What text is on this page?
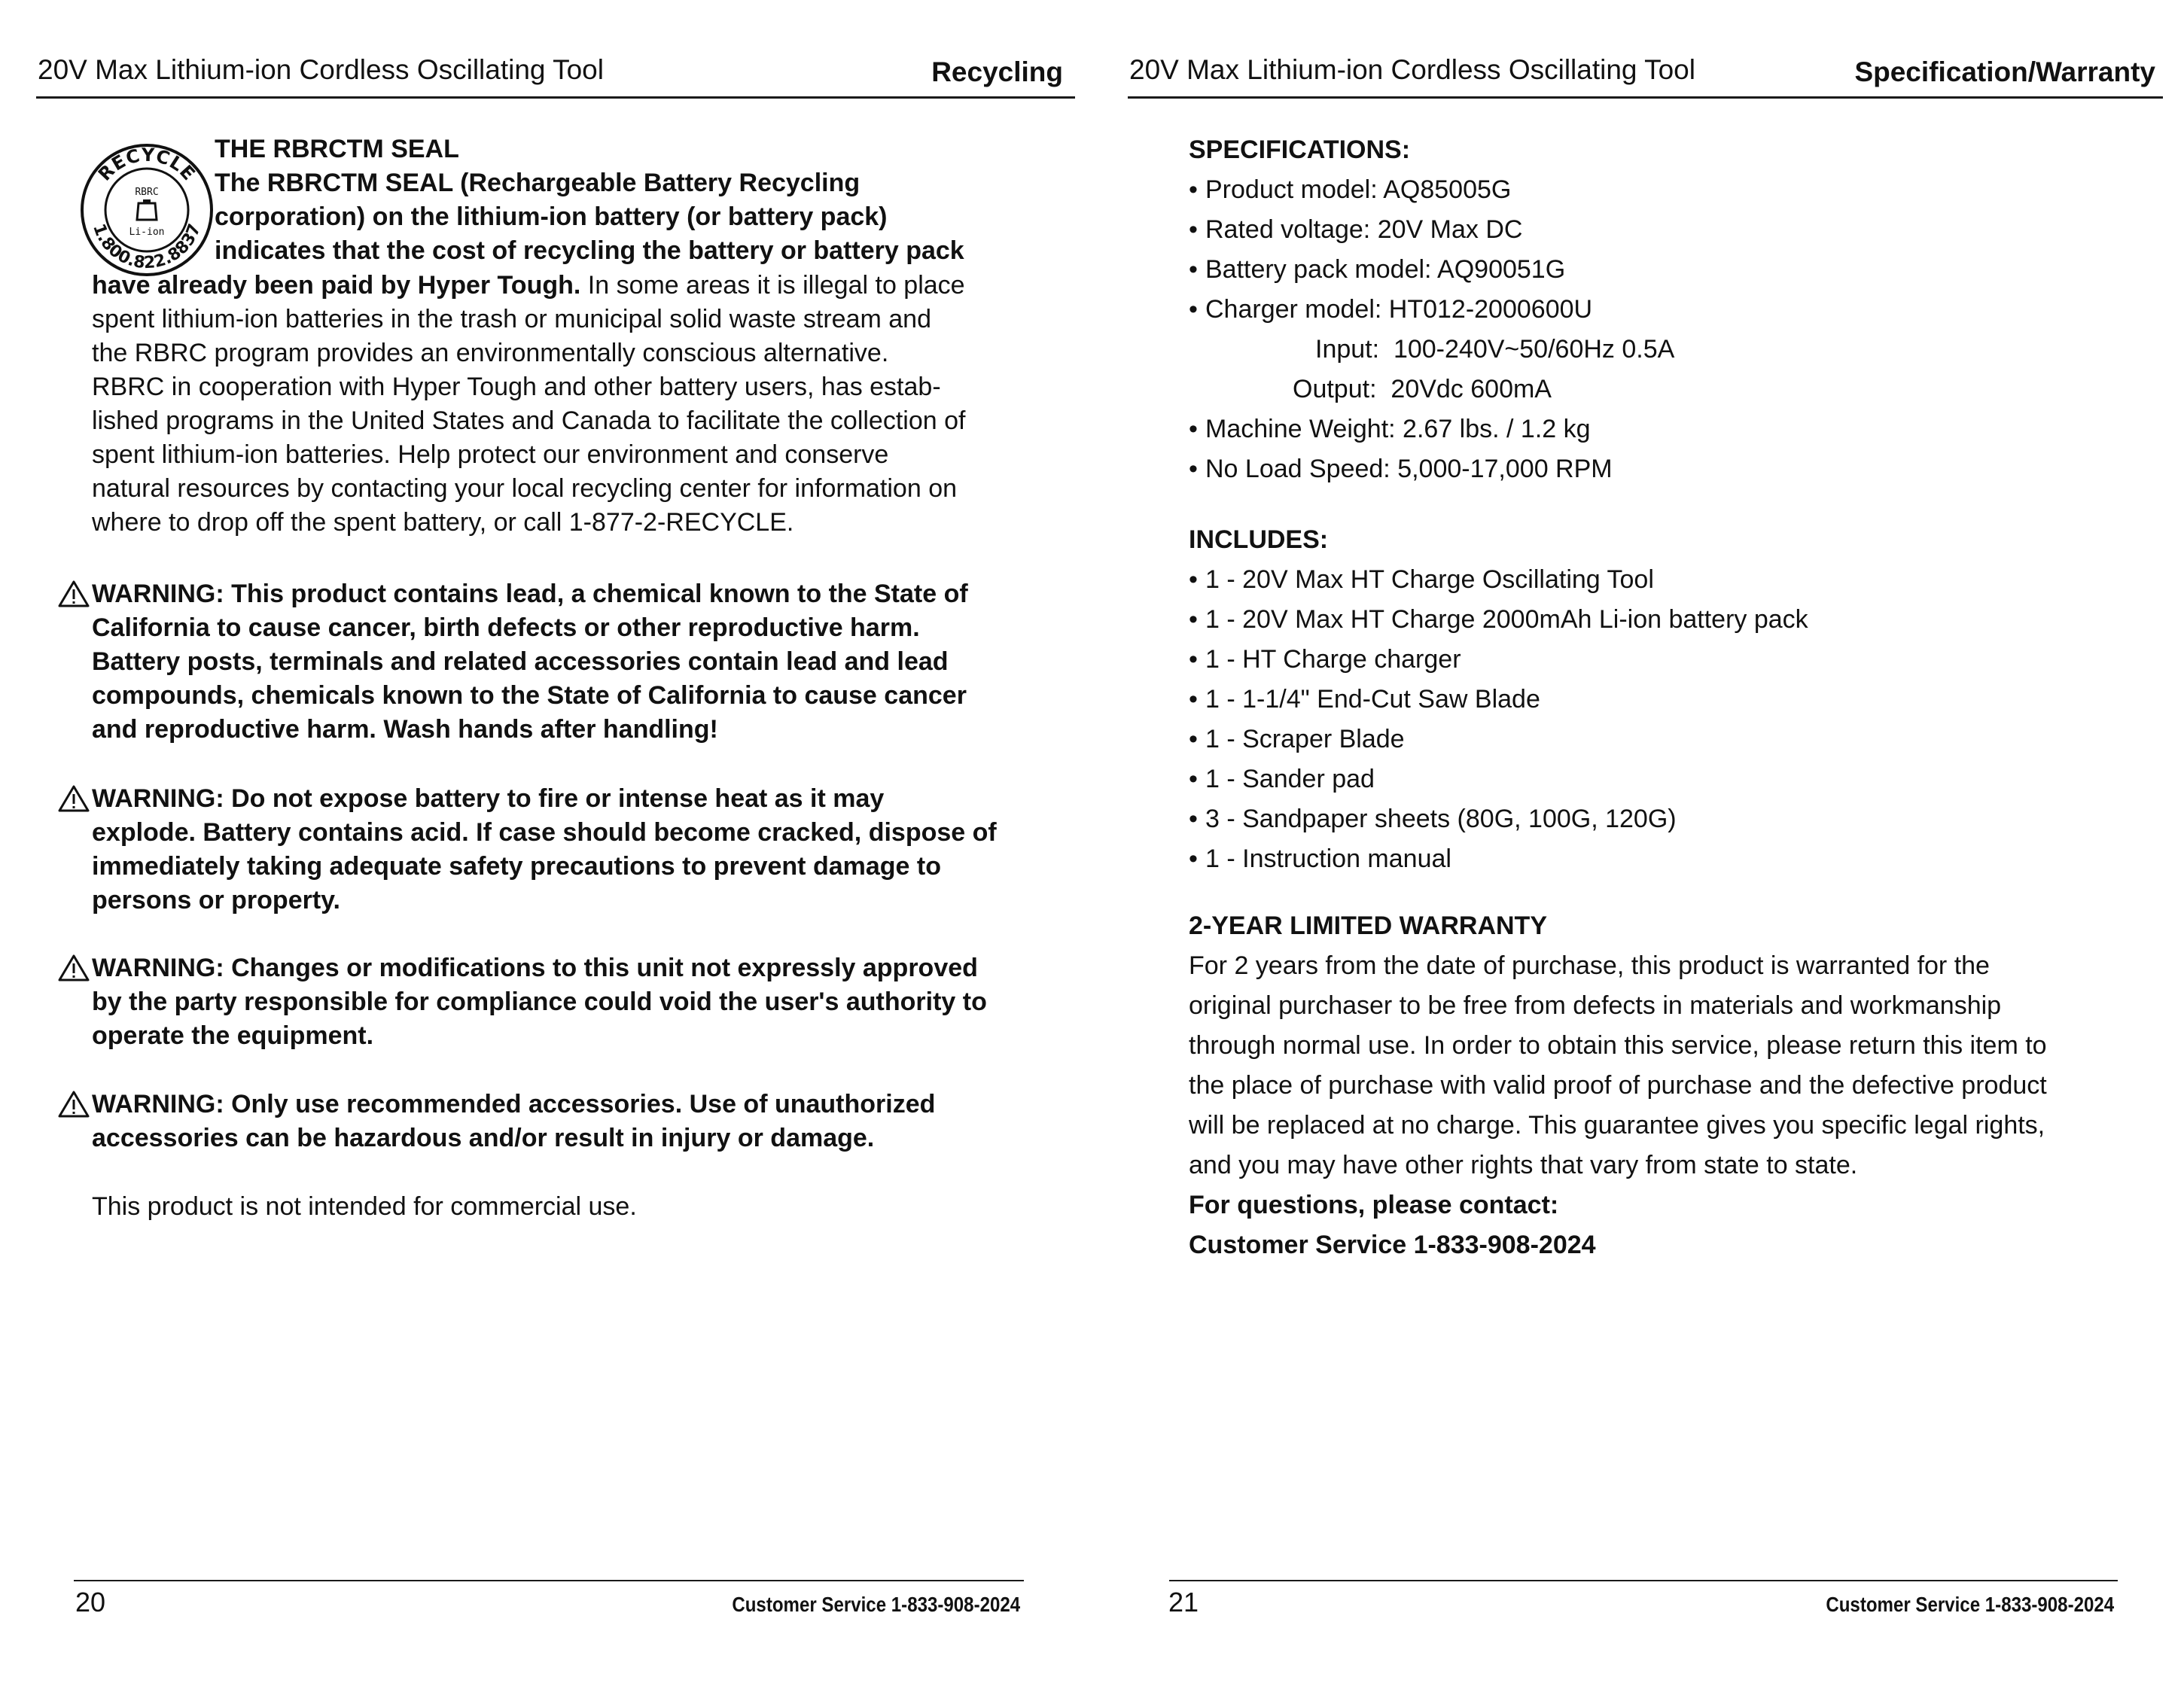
20V Max Lithium-ion Cordless Oscillating Tool	Recycling
RECYCLE
1.800.822.8837
RBRC
Li-ion
THE RBRCTM SEAL
The RBRCTM SEAL (Rechargeable Battery Recycling
corporation) on the lithium-ion battery (or battery pack)
indicates that the cost of recycling the battery or battery pack
have already been paid by Hyper Tough. In some areas it is illegal to place
spent lithium-ion batteries in the trash or municipal solid waste stream and
the RBRC program provides an environmentally conscious alternative.
RBRC in cooperation with Hyper Tough and other battery users, has estab-
lished programs in the United States and Canada to facilitate the collection of
spent lithium-ion batteries. Help protect our environment and conserve
natural resources by contacting your local recycling center for information on
where to drop off the spent battery, or call 1-877-2-RECYCLE.
WARNING: This product contains lead, a chemical known to the State of
California to cause cancer, birth defects or other reproductive harm.
Battery posts, terminals and related accessories contain lead and lead
compounds, chemicals known to the State of California to cause cancer
and reproductive harm. Wash hands after handling!
WARNING: Do not expose battery to fire or intense heat as it may
explode. Battery contains acid. If case should become cracked, dispose of
immediately taking adequate safety precautions to prevent damage to
persons or property.
WARNING: Changes or modifications to this unit not expressly approved
by the party responsible for compliance could void the user's authority to
operate the equipment.
WARNING: Only use recommended accessories. Use of unauthorized
accessories can be hazardous and/or result in injury or damage.
This product is not intended for commercial use.
20	Customer Service 1-833-908-2024
20V Max Lithium-ion Cordless Oscillating Tool	Specification/Warranty
21	Customer Service 1-833-908-2024
SPECIFICATIONS:
• Product model: AQ85005G
• Rated voltage: 20V Max DC
• Battery pack model: AQ90051G
• Charger model: HT012-2000600U
Input:  100-240V~50/60Hz 0.5A
Output:  20Vdc 600mA
• Machine Weight: 2.67 lbs. / 1.2 kg
• No Load Speed: 5,000-17,000 RPM
INCLUDES:
• 1 - 20V Max HT Charge Oscillating Tool
• 1 - 20V Max HT Charge 2000mAh Li-ion battery pack
• 1 - HT Charge charger
• 1 - 1-1/4" End-Cut Saw Blade
• 1 - Scraper Blade
• 1 - Sander pad
• 3 - Sandpaper sheets (80G, 100G, 120G)
• 1 - Instruction manual
2-YEAR LIMITED WARRANTY
For 2 years from the date of purchase, this product is warranted for the
original purchaser to be free from defects in materials and workmanship
through normal use. In order to obtain this service, please return this item to
the place of purchase with valid proof of purchase and the defective product
will be replaced at no charge. This guarantee gives you specific legal rights,
and you may have other rights that vary from state to state.
For questions, please contact:
Customer Service 1-833-908-2024
